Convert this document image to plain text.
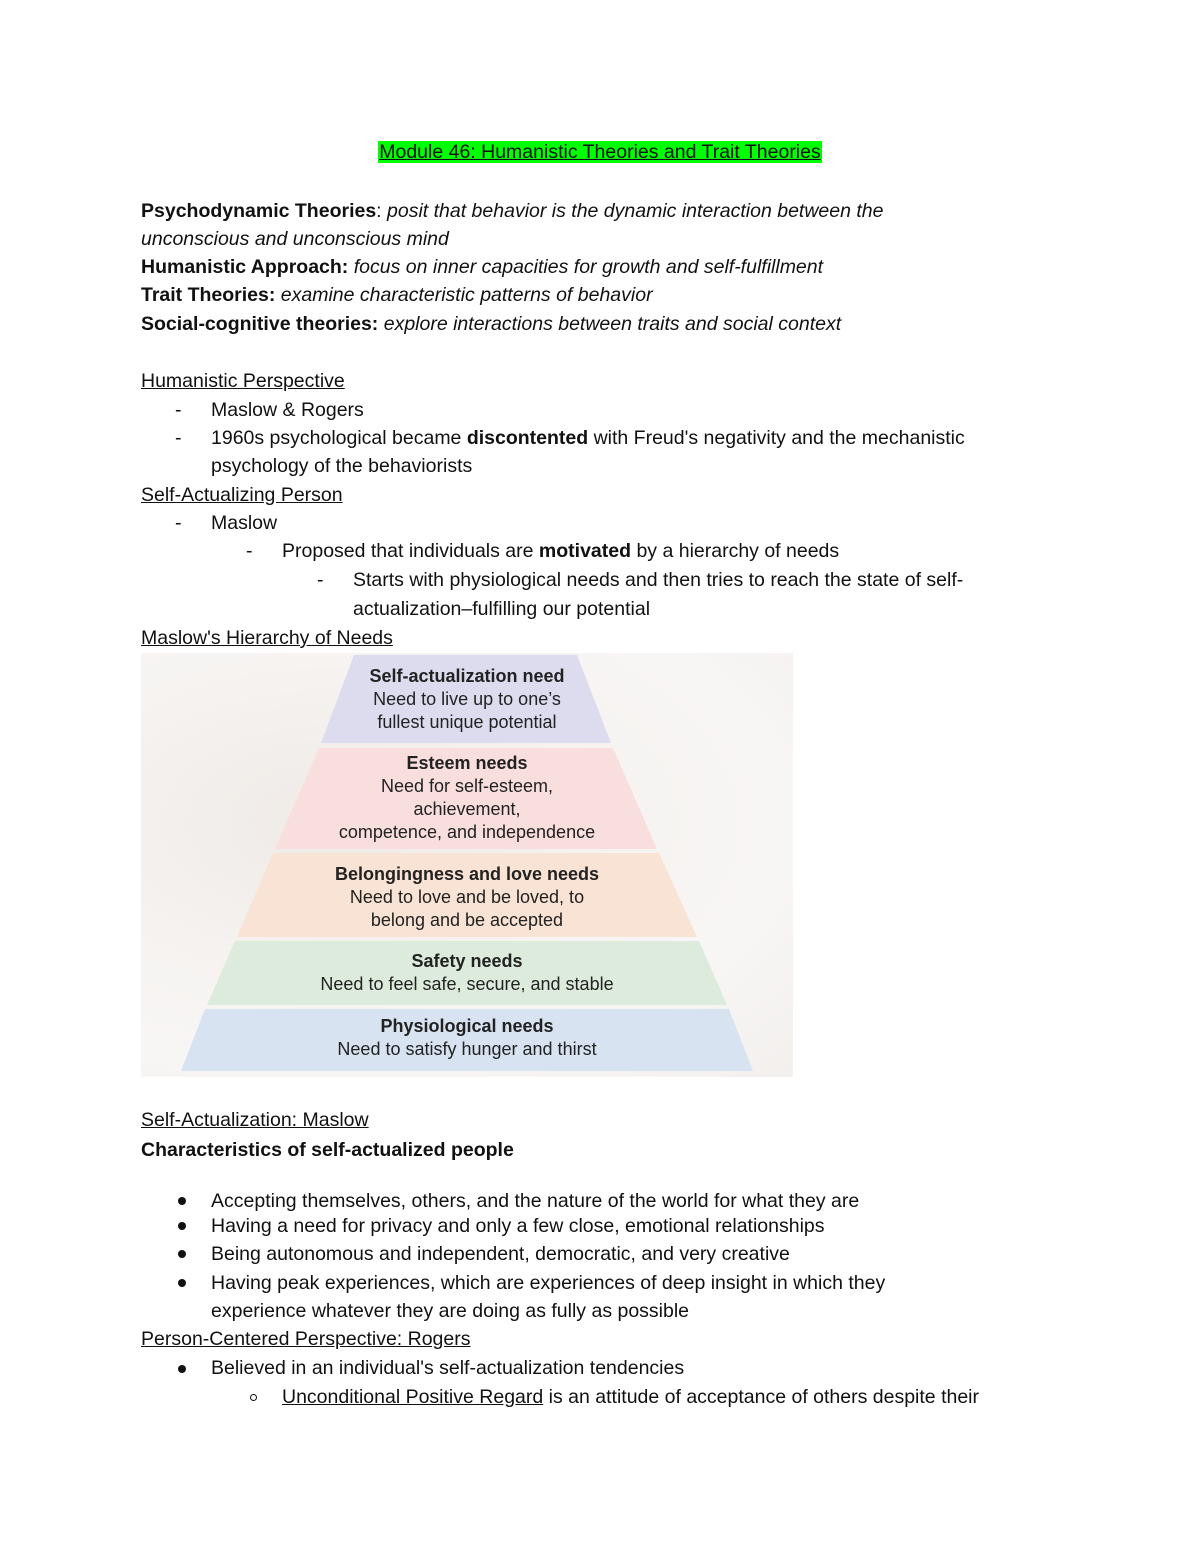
Module 46: Humanistic Theories and Trait Theories
Psychodynamic Theories: posit that behavior is the dynamic interaction between the
unconscious and unconscious mind
Humanistic Approach: focus on inner capacities for growth and self-fulfillment
Trait Theories: examine characteristic patterns of behavior
Social-cognitive theories: explore interactions between traits and social context
Humanistic Perspective
- Maslow & Rogers
- 1960s psychological became discontented with Freud's negativity and the mechanistic
psychology of the behaviorists
Self-Actualizing Person
- Maslow
- Proposed that individuals are motivated by a hierarchy of needs
- Starts with physiological needs and then tries to reach the state of self-
actualization–fulfilling our potential
Maslow's Hierarchy of Needs
Self-actualization need
Need to live up to one’s
fullest unique potential
Esteem needs
Need for self-esteem,
achievement,
competence, and independence
Belongingness and love needs
Need to love and be loved, to
belong and be accepted
Safety needs
Need to feel safe, secure, and stable
Physiological needs
Need to satisfy hunger and thirst
Self-Actualization: Maslow
Characteristics of self-actualized people
Accepting themselves, others, and the nature of the world for what they are
Having a need for privacy and only a few close, emotional relationships
Being autonomous and independent, democratic, and very creative
Having peak experiences, which are experiences of deep insight in which they
experience whatever they are doing as fully as possible
Person-Centered Perspective: Rogers
Believed in an individual's self-actualization tendencies
Unconditional Positive Regard is an attitude of acceptance of others despite their
